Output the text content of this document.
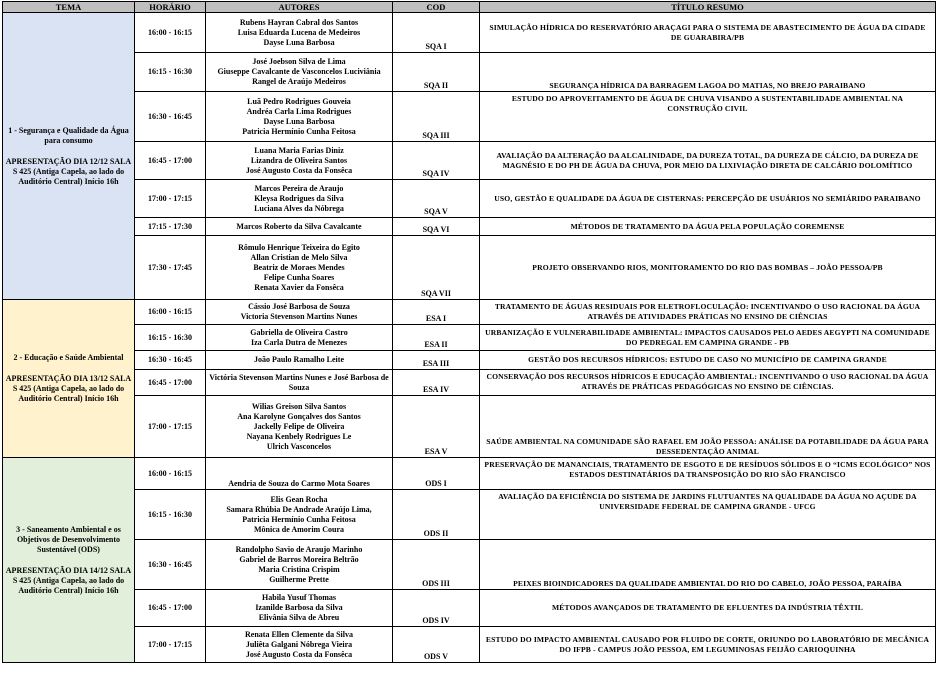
TEMA	HORÁRIO	AUTORES	COD	TÍTULO RESUMO

1 - Segurança e Qualidade da Água para consumo
APRESENTAÇÃO DIA 12/12 SALA S 425 (Antiga Capela, ao lado do Auditório Central) Início 16h	16:00 - 16:15	Rubens Hayran Cabral dos Santos
Luisa Eduarda Lucena de Medeiros
Dayse Luna Barbosa	SQA I	SIMULAÇÃO HÍDRICA DO RESERVATÓRIO ARAÇAGI PARA O SISTEMA DE ABASTECIMENTO DE ÁGUA DA CIDADE DE GUARABIRA/PB
	16:15 - 16:30	José Joebson Silva de Lima
Giuseppe Cavalcante de Vasconcelos Luciviânia
Rangel de Araújo Medeiros	SQA II	SEGURANÇA HÍDRICA DA BARRAGEM LAGOA DO MATIAS, NO BREJO PARAIBANO
	16:30 - 16:45	Luã Pedro Rodrigues Gouveia
Andréa Carla Lima Rodrigues
Dayse Luna Barbosa
Patricia Hermínio Cunha Feitosa	SQA III	ESTUDO DO APROVEITAMENTO DE ÁGUA DE CHUVA VISANDO A SUSTENTABILIDADE AMBIENTAL NA CONSTRUÇÃO CIVIL
	16:45 - 17:00	Luana Maria Farias Diniz
Lizandra de Oliveira Santos
José Augusto Costa da Fonsêca	SQA IV	AVALIAÇÃO DA ALTERAÇÃO DA ALCALINIDADE, DA DUREZA TOTAL, DA DUREZA DE CÁLCIO, DA DUREZA DE MAGNÉSIO E DO PH DE ÁGUA DA CHUVA, POR MEIO DA LIXIVIAÇÃO DIRETA DE CALCÁRIO DOLOMÍTICO
	17:00 - 17:15	Marcos Pereira de Araujo
Kleysa Rodrigues da Silva
Luciana Alves da Nóbrega	SQA V	USO, GESTÃO E QUALIDADE DA ÁGUA DE CISTERNAS: PERCEPÇÃO DE USUÁRIOS NO SEMIÁRIDO PARAIBANO
	17:15 - 17:30	Marcos Roberto da Silva Cavalcante	SQA VI	MÉTODOS DE TRATAMENTO DA ÁGUA PELA POPULAÇÃO COREMENSE
	17:30 - 17:45	Rômulo Henrique Teixeira do Egito
Allan Cristian de Melo Silva
Beatriz de Moraes Mendes
Felipe Cunha Soares
Renata Xavier da Fonsêca	SQA VII	PROJETO OBSERVANDO RIOS, MONITORAMENTO DO RIO DAS BOMBAS – JOÃO PESSOA/PB

2 - Educação e Saúde Ambiental
APRESENTAÇÃO DIA 13/12 SALA S 425 (Antiga Capela, ao lado do Auditório Central) Início 16h	16:00 - 16:15	Cássio José Barbosa de Souza
Victoria Stevenson Martins Nunes	ESA I	TRATAMENTO DE ÁGUAS RESIDUAIS POR ELETROFLOCULAÇÃO: INCENTIVANDO O USO RACIONAL DA ÁGUA ATRAVÉS DE ATIVIDADES PRÁTICAS NO ENSINO DE CIÊNCIAS
	16:15 - 16:30	Gabriella de Oliveira Castro
Iza Carla Dutra de Menezes	ESA II	URBANIZAÇÃO E VULNERABILIDADE AMBIENTAL: IMPACTOS CAUSADOS PELO AEDES AEGYPTI NA COMUNIDADE DO PEDREGAL EM CAMPINA GRANDE - PB
	16:30 - 16:45	João Paulo Ramalho Leite	ESA III	GESTÃO DOS RECURSOS HÍDRICOS: ESTUDO DE CASO NO MUNICÍPIO DE CAMPINA GRANDE
	16:45 - 17:00	Victória Stevenson Martins Nunes e José Barbosa de Souza	ESA IV	CONSERVAÇÃO DOS RECURSOS HÍDRICOS E EDUCAÇÃO AMBIENTAL: INCENTIVANDO O USO RACIONAL DA ÁGUA ATRAVÉS DE PRÁTICAS PEDAGÓGICAS NO ENSINO DE CIÊNCIAS.
	17:00 - 17:15	Wilias Greison Silva Santos
Ana Karolyne Gonçalves dos Santos
Jackelly Felipe de Oliveira
Nayana Kenbely Rodrigues Le
Ulrich Vasconcelos	ESA V	SAÚDE AMBIENTAL NA COMUNIDADE SÃO RAFAEL EM JOÃO PESSOA: ANÁLISE DA POTABILIDADE DA ÁGUA PARA DESSEDENTAÇÃO ANIMAL

3 - Saneamento Ambiental e os Objetivos de Desenvolvimento Sustentável (ODS)
APRESENTAÇÃO DIA 14/12 SALA S 425 (Antiga Capela, ao lado do Auditório Central) Início 16h	16:00 - 16:15	Aendria de Souza do Carmo Mota Soares	ODS I	PRESERVAÇÃO DE MANANCIAIS, TRATAMENTO DE ESGOTO E DE RESÍDUOS SÓLIDOS E O “ICMS ECOLÓGICO” NOS ESTADOS DESTINATÁRIOS DA TRANSPOSIÇÃO DO RIO SÃO FRANCISCO
	16:15 - 16:30	Elis Gean Rocha
Samara Rhúbia De Andrade Araújo Lima,
Patricia Hermínio Cunha Feitosa
Mônica de Amorim Coura	ODS II	AVALIAÇÃO DA EFICIÊNCIA DO SISTEMA DE JARDINS FLUTUANTES NA QUALIDADE DA ÁGUA NO AÇUDE DA UNIVERSIDADE FEDERAL DE CAMPINA GRANDE - UFCG
	16:30 - 16:45	Randolpho Savio de Araujo Marinho
Gabriel de Barros Moreira Beltrão
Maria Cristina Crispim
Guilherme Prette	ODS III	PEIXES BIOINDICADORES DA QUALIDADE AMBIENTAL DO RIO DO CABELO, JOÃO PESSOA, PARAÍBA
	16:45 - 17:00	Habila Yusuf Thomas
Izanilde Barbosa da Silva
Elivânia Silva de Abreu	ODS IV	MÉTODOS AVANÇADOS DE TRATAMENTO DE EFLUENTES DA INDÚSTRIA TÊXTIL
	17:00 - 17:15	Renata Ellen Clemente da Silva
Juliêta Galgani Nóbrega Vieira
José Augusto Costa da Fonsêca	ODS V	ESTUDO DO IMPACTO AMBIENTAL CAUSADO POR FLUIDO DE CORTE, ORIUNDO DO LABORATÓRIO DE MECÂNICA DO IFPB - CAMPUS JOÃO PESSOA, EM LEGUMINOSAS FEIJÃO CARIOQUINHA
